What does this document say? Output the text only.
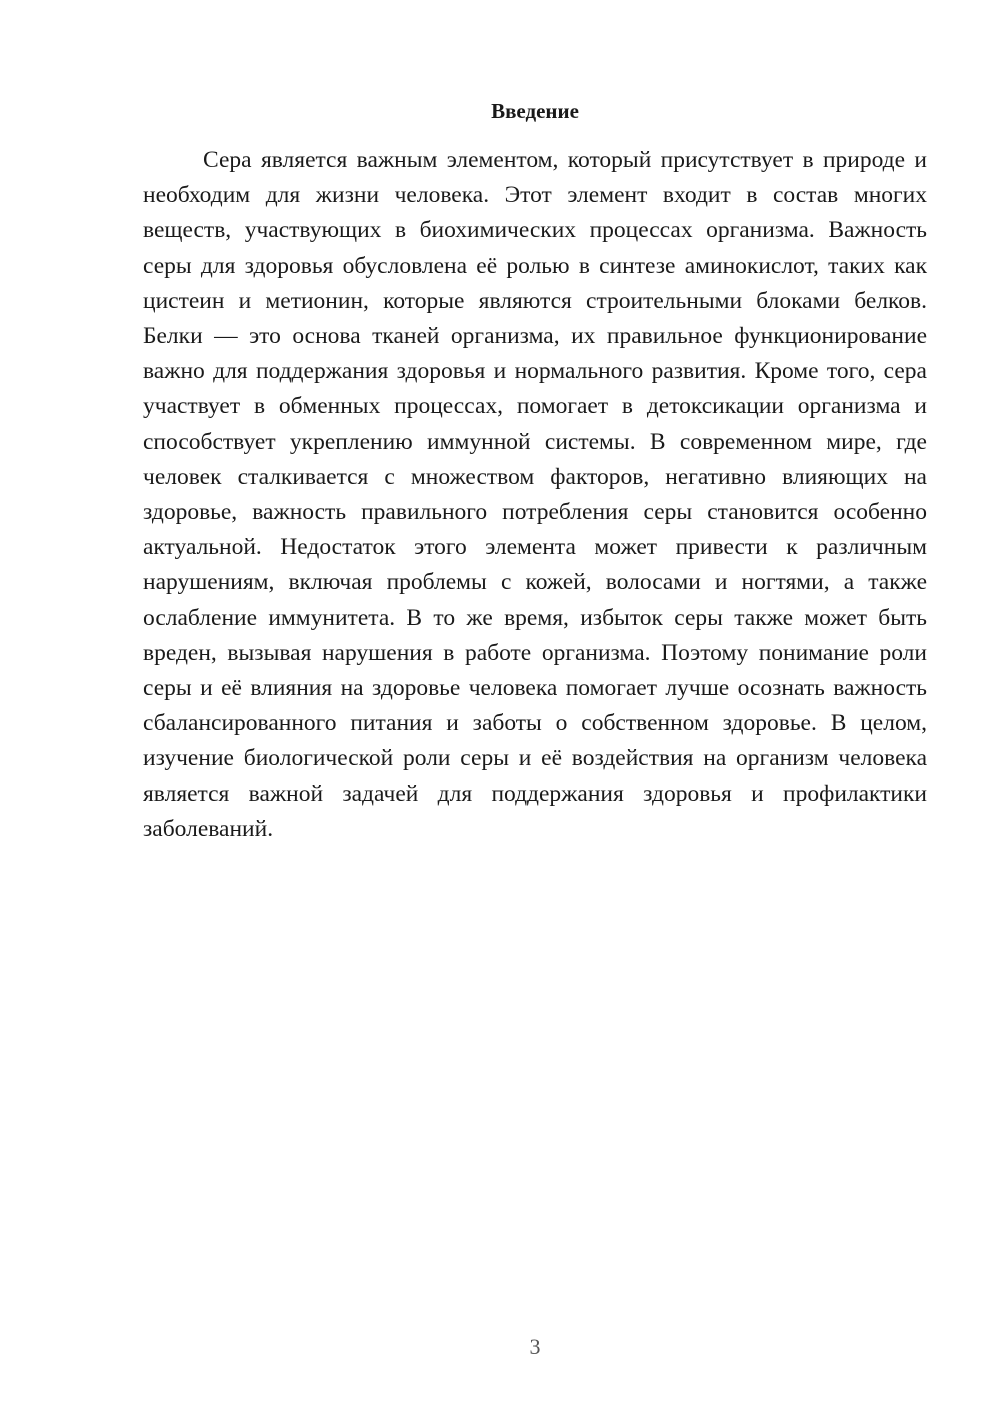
Введение

Сера является важным элементом, который присутствует в природе и необходим для жизни человека. Этот элемент входит в состав многих веществ, участвующих в биохимических процессах организма. Важность серы для здоровья обусловлена её ролью в синтезе аминокислот, таких как цистеин и метионин, которые являются строительными блоками белков. Белки — это основа тканей организма, их правильное функционирование важно для поддержания здоровья и нормального развития. Кроме того, сера участвует в обменных процессах, помогает в детоксикации организма и способствует укреплению иммунной системы. В современном мире, где человек сталкивается с множеством факторов, негативно влияющих на здоровье, важность правильного потребления серы становится особенно актуальной. Недостаток этого элемента может привести к различным нарушениям, включая проблемы с кожей, волосами и ногтями, а также ослабление иммунитета. В то же время, избыток серы также может быть вреден, вызывая нарушения в работе организма. Поэтому понимание роли серы и её влияния на здоровье человека помогает лучше осознать важность сбалансированного питания и заботы о собственном здоровье. В целом, изучение биологической роли серы и её воздействия на организм человека является важной задачей для поддержания здоровья и профилактики заболеваний.

3
